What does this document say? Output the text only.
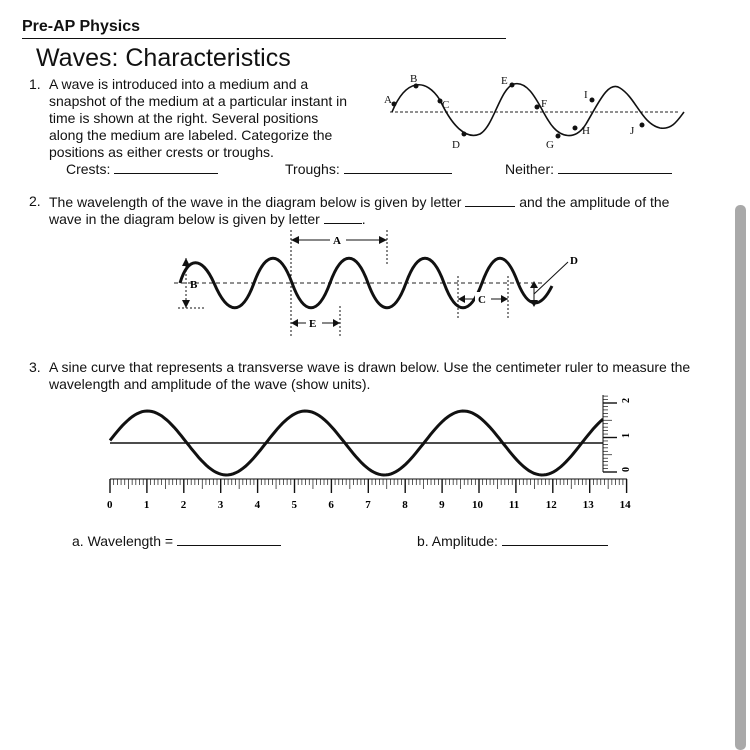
Pre-AP Physics
Waves: Characteristics
1. A wave is introduced into a medium and a
snapshot of the medium at a particular instant in
time is shown at the right. Several positions
along the medium are labeled. Categorize the
positions as either crests or troughs.
Crests:	Troughs:	Neither:
A
B
C
D
E
F
G
H
I
J
2. The wavelength of the wave in the diagram below is given by letter	and the amplitude of the
wave in the diagram below is given by letter	.
B
A
E
C
D
3. A sine curve that represents a transverse wave is drawn below. Use the centimeter ruler to measure the
wavelength and amplitude of the wave (show units).
0	1	2	3	4	5	6	7	8	9 10 11 12 13 14
0
1
2
a. Wavelength =	b. Amplitude:
